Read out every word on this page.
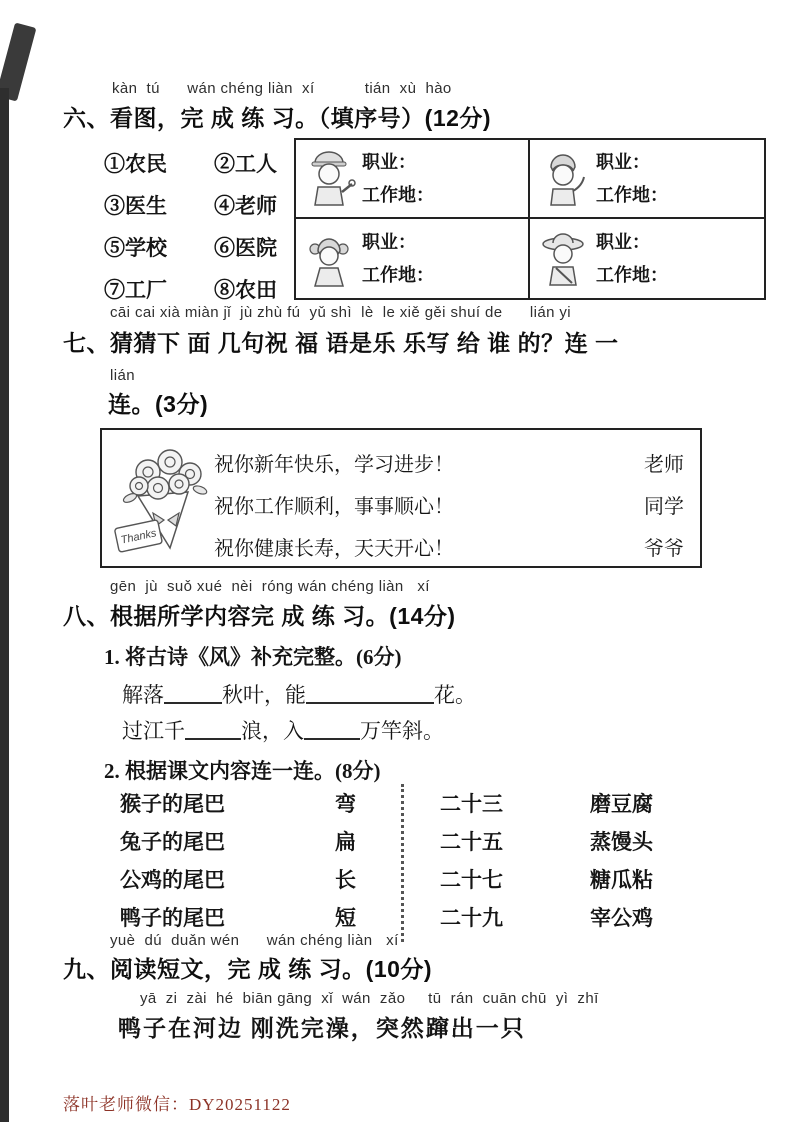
kàn  tú      wán chéng liàn  xí           tián  xù  hào
六、看图，完 成 练 习。（填序号）(12分)
①农民	②工人
③医生	④老师
⑤学校	⑥医院
⑦工厂	⑧农田
职业：
工作地：
职业：
工作地：
职业：
工作地：
职业：
工作地：
cāi cai xià miàn jǐ  jù zhù fú  yǔ shì  lè  le xiě gěi shuí de      lián yi
七、猜猜下 面 几句祝 福 语是乐 乐写 给 谁 的？连 一
lián
连。(3分)
Thanks
祝你新年快乐，学习进步！	老师
祝你工作顺利，事事顺心！	同学
祝你健康长寿，天天开心！	爷爷
gēn  jù  suǒ xué  nèi  róng wán chéng liàn   xí
八、根据所学内容完 成 练 习。(14分)
1. 将古诗《风》补充完整。(6分)
解落	秋叶，能	花。
过江千	浪，入	万竿斜。
2. 根据课文内容连一连。(8分)
猴子的尾巴	弯	二十三	磨豆腐
兔子的尾巴	扁	二十五	蒸馒头
公鸡的尾巴	长	二十七	糖瓜粘
鸭子的尾巴	短	二十九	宰公鸡
yuè  dú  duǎn wén      wán chéng liàn   xí
九、阅读短文，完 成 练 习。(10分)
yā  zi  zài  hé  biān gāng  xǐ  wán  zǎo     tū  rán  cuān chū  yì  zhī
鸭子在河边 刚洗完澡，突然蹿出一只
落叶老师微信：DY20251122
